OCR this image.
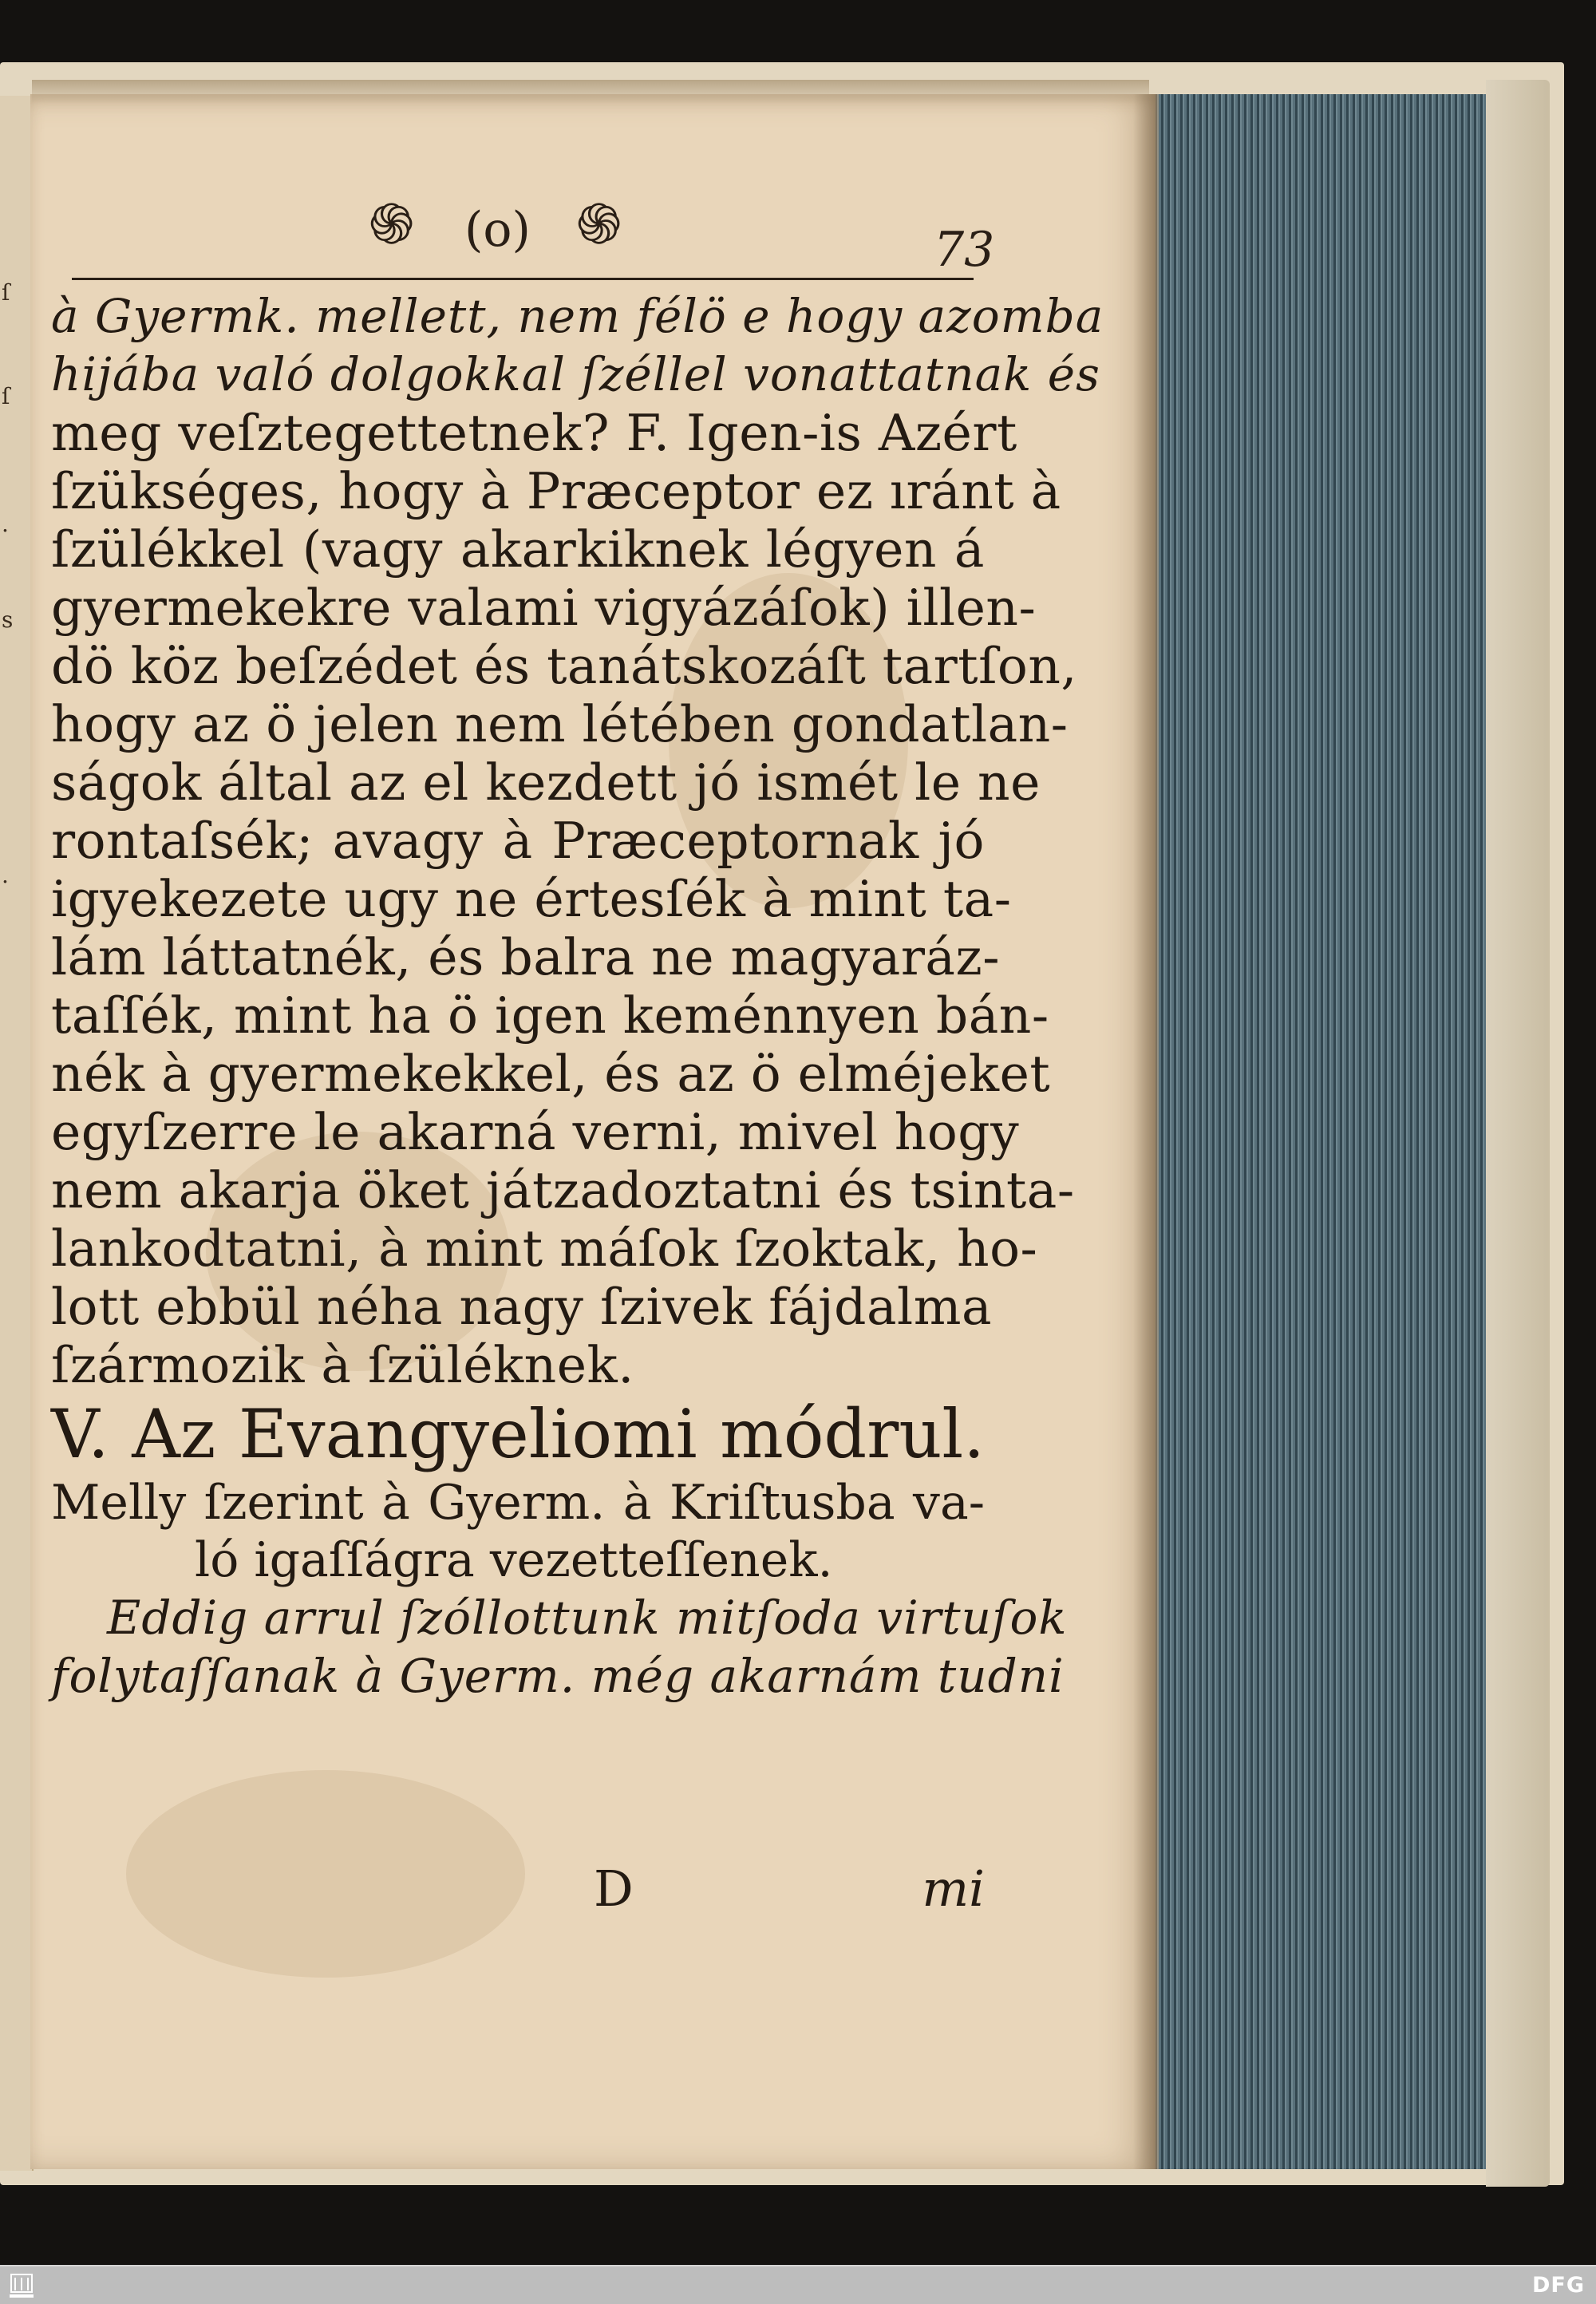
ſ
ſ
.
s
.
֍ (o) ֍	73
à Gyermk. mellett, nem félö e hogy azomba
hijába való dolgokkal ſzéllel vonattatnak és
meg veſztegettetnek? F. Igen-is Azért
ſzükséges, hogy à Præceptor ez ıránt à
ſzülékkel (vagy akarkiknek légyen á
gyermekekre valami vigyázáſok) illen-
dö köz beſzédet és tanátskozáſt tartſon,
hogy az ö jelen nem létében gondatlan-
ságok által az el kezdett jó ismét le ne
rontaſsék; avagy à Præceptornak jó
igyekezete ugy ne értesſék à mint ta-
lám láttatnék, és balra ne magyaráz-
taſſék, mint ha ö igen keménnyen bán-
nék à gyermekekkel, és az ö elméjeket
egyſzerre le akarná verni, mivel hogy
nem akarja öket játzadoztatni és tsinta-
lankodtatni, à mint máſok ſzoktak, ho-
lott ebbül néha nagy ſzivek fájdalma
ſzármozik à ſzüléknek.
V. Az Evangyeliomi módrul.
Melly ſzerint à Gyerm. à Kriſtusba va-
ló igaſſágra vezetteſſenek.
Eddig arrul ſzóllottunk mitſoda virtuſok
folytaſſanak à Gyerm. még akarnám tudni
D	mi
DFG
